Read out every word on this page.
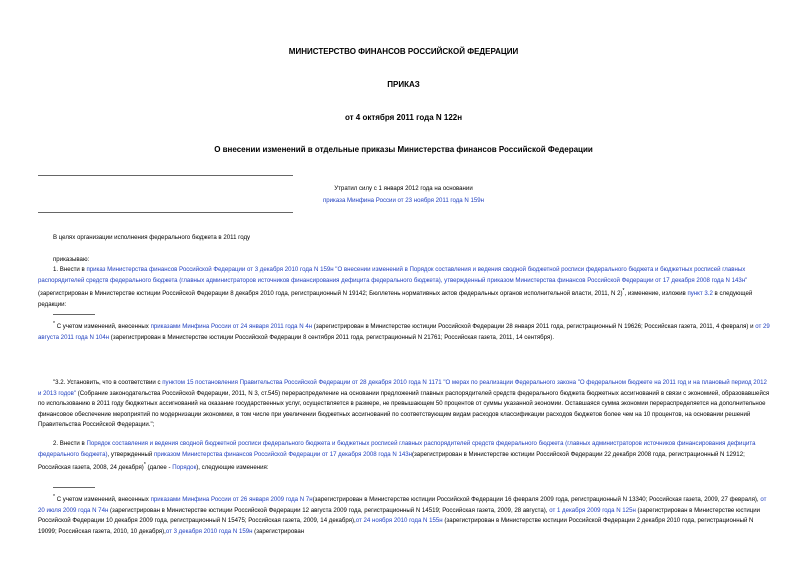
МИНИСТЕРСТВО ФИНАНСОВ РОССИЙСКОЙ ФЕДЕРАЦИИ
ПРИКАЗ
от 4 октября 2011 года N 122н
О внесении изменений в отдельные приказы Министерства финансов Российской Федерации
Утратил силу с 1 января 2012 года на основании
приказа Минфина России от 23 ноября 2011 года N 159н
В целях организации исполнения федерального бюджета в 2011 году
приказываю:

1. Внести в приказ Министерства финансов Российской Федерации от 3 декабря 2010 года N 159н "О внесении изменений в Порядок составления и ведения сводной бюджетной росписи федерального бюджета и бюджетных росписей главных распорядителей средств федерального бюджета (главных администраторов источников финансирования дефицита федерального бюджета), утвержденный приказом Министерства финансов Российской Федерации от 17 декабря 2008 года N 143н" (зарегистрирован в Министерстве юстиции Российской Федерации 8 декабря 2010 года, регистрационный N 19142; Бюллетень нормативных актов федеральных органов исполнительной власти, 2011, N 2)*, изменение, изложив пункт 3.2 в следующей редакции:

* С учетом изменений, внесенных приказами Минфина России от 24 января 2011 года N 4н (зарегистрирован в Министерстве юстиции Российской Федерации 28 января 2011 года, регистрационный N 19626; Российская газета, 2011, 4 февраля) и от 29 августа 2011 года N 104н (зарегистрирован в Министерстве юстиции Российской Федерации 8 сентября 2011 года, регистрационный N 21761; Российская газета, 2011, 14 сентября).

"3.2. Установить, что в соответствии с пунктом 15 постановления Правительства Российской Федерации от 28 декабря 2010 года N 1171 "О мерах по реализации Федерального закона "О федеральном бюджете на 2011 год и на плановый период 2012 и 2013 годов" (Собрание законодательства Российской Федерации, 2011, N 3, ст.545) перераспределение на основании предложений главных распорядителей средств федерального бюджета бюджетных ассигнований в связи с экономией, образовавшейся по использованию в 2011 году бюджетных ассигнований на оказание государственных услуг, осуществляется в размере, не превышающем 50 процентов от суммы указанной экономии. Оставшаяся сумма экономии перераспределяется на дополнительное финансовое обеспечение мероприятий по модернизации экономики, в том числе при увеличении бюджетных ассигнований по соответствующим видам расходов классификации расходов бюджетов более чем на 10 процентов, на основании решений Правительства Российской Федерации.";

2. Внести в Порядок составления и ведения сводной бюджетной росписи федерального бюджета и бюджетных росписей главных распорядителей средств федерального бюджета (главных администраторов источников финансирования дефицита федерального бюджета), утвержденный приказом Министерства финансов Российской Федерации от 17 декабря 2008 года N 143н(зарегистрирован в Министерстве юстиции Российской Федерации 22 декабря 2008 года, регистрационный N 12912; Российская газета, 2008, 24 декабря)* (далее - Порядок), следующие изменения:

* С учетом изменений, внесенных приказами Минфина России от 26 января 2009 года N 7н(зарегистрирован в Министерстве юстиции Российской Федерации 16 февраля 2009 года, регистрационный N 13340; Российская газета, 2009, 27 февраля), от 20 июля 2009 года N 74н (зарегистрирован в Министерстве юстиции Российской Федерации 12 августа 2009 года, регистрационный N 14519; Российская газета, 2009, 28 августа), от 1 декабря 2009 года N 125н (зарегистрирован в Министерстве юстиции Российской Федерации 10 декабря 2009 года, регистрационный N 15475; Российская газета, 2009, 14 декабря),от 24 ноября 2010 года N 155н (зарегистрирован в Министерстве юстиции Российской Федерации 2 декабря 2010 года, регистрационный N 19099; Российская газета, 2010, 10 декабря),от 3 декабря 2010 года N 159н (зарегистрирован
